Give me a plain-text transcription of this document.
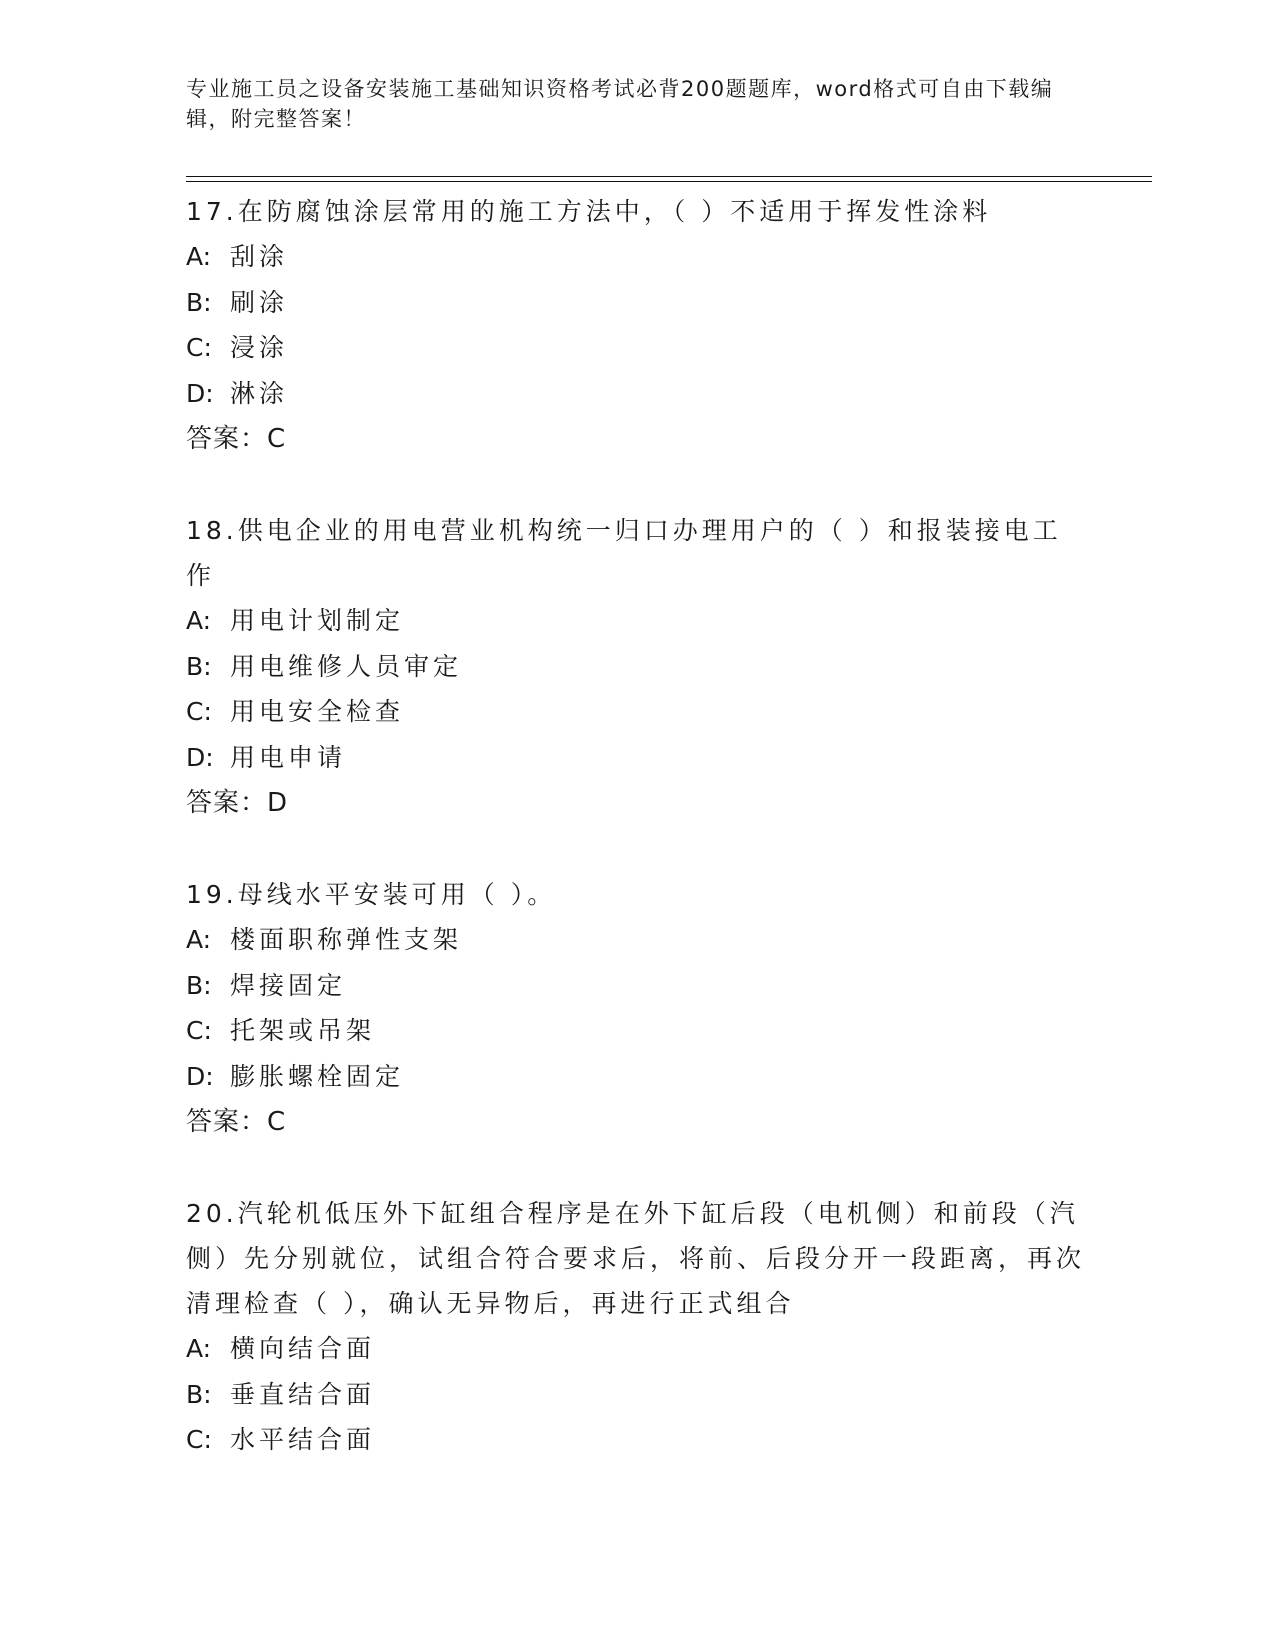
专业施工员之设备安装施工基础知识资格考试必背200题题库，word格式可自由下载编辑，附完整答案！

17.在防腐蚀涂层常用的施工方法中，（ ）不适用于挥发性涂料

A: 刮涂

B: 刷涂

C: 浸涂

D: 淋涂

答案：C

18.供电企业的用电营业机构统一归口办理用户的（ ）和报装接电工作

A: 用电计划制定

B: 用电维修人员审定

C: 用电安全检查

D: 用电申请

答案：D

19.母线水平安装可用（ ）。

A: 楼面职称弹性支架

B: 焊接固定

C: 托架或吊架

D: 膨胀螺栓固定

答案：C

20.汽轮机低压外下缸组合程序是在外下缸后段（电机侧）和前段（汽侧）先分别就位，试组合符合要求后，将前、后段分开一段距离，再次清理检查（ ），确认无异物后，再进行正式组合

A: 横向结合面

B: 垂直结合面

C: 水平结合面
